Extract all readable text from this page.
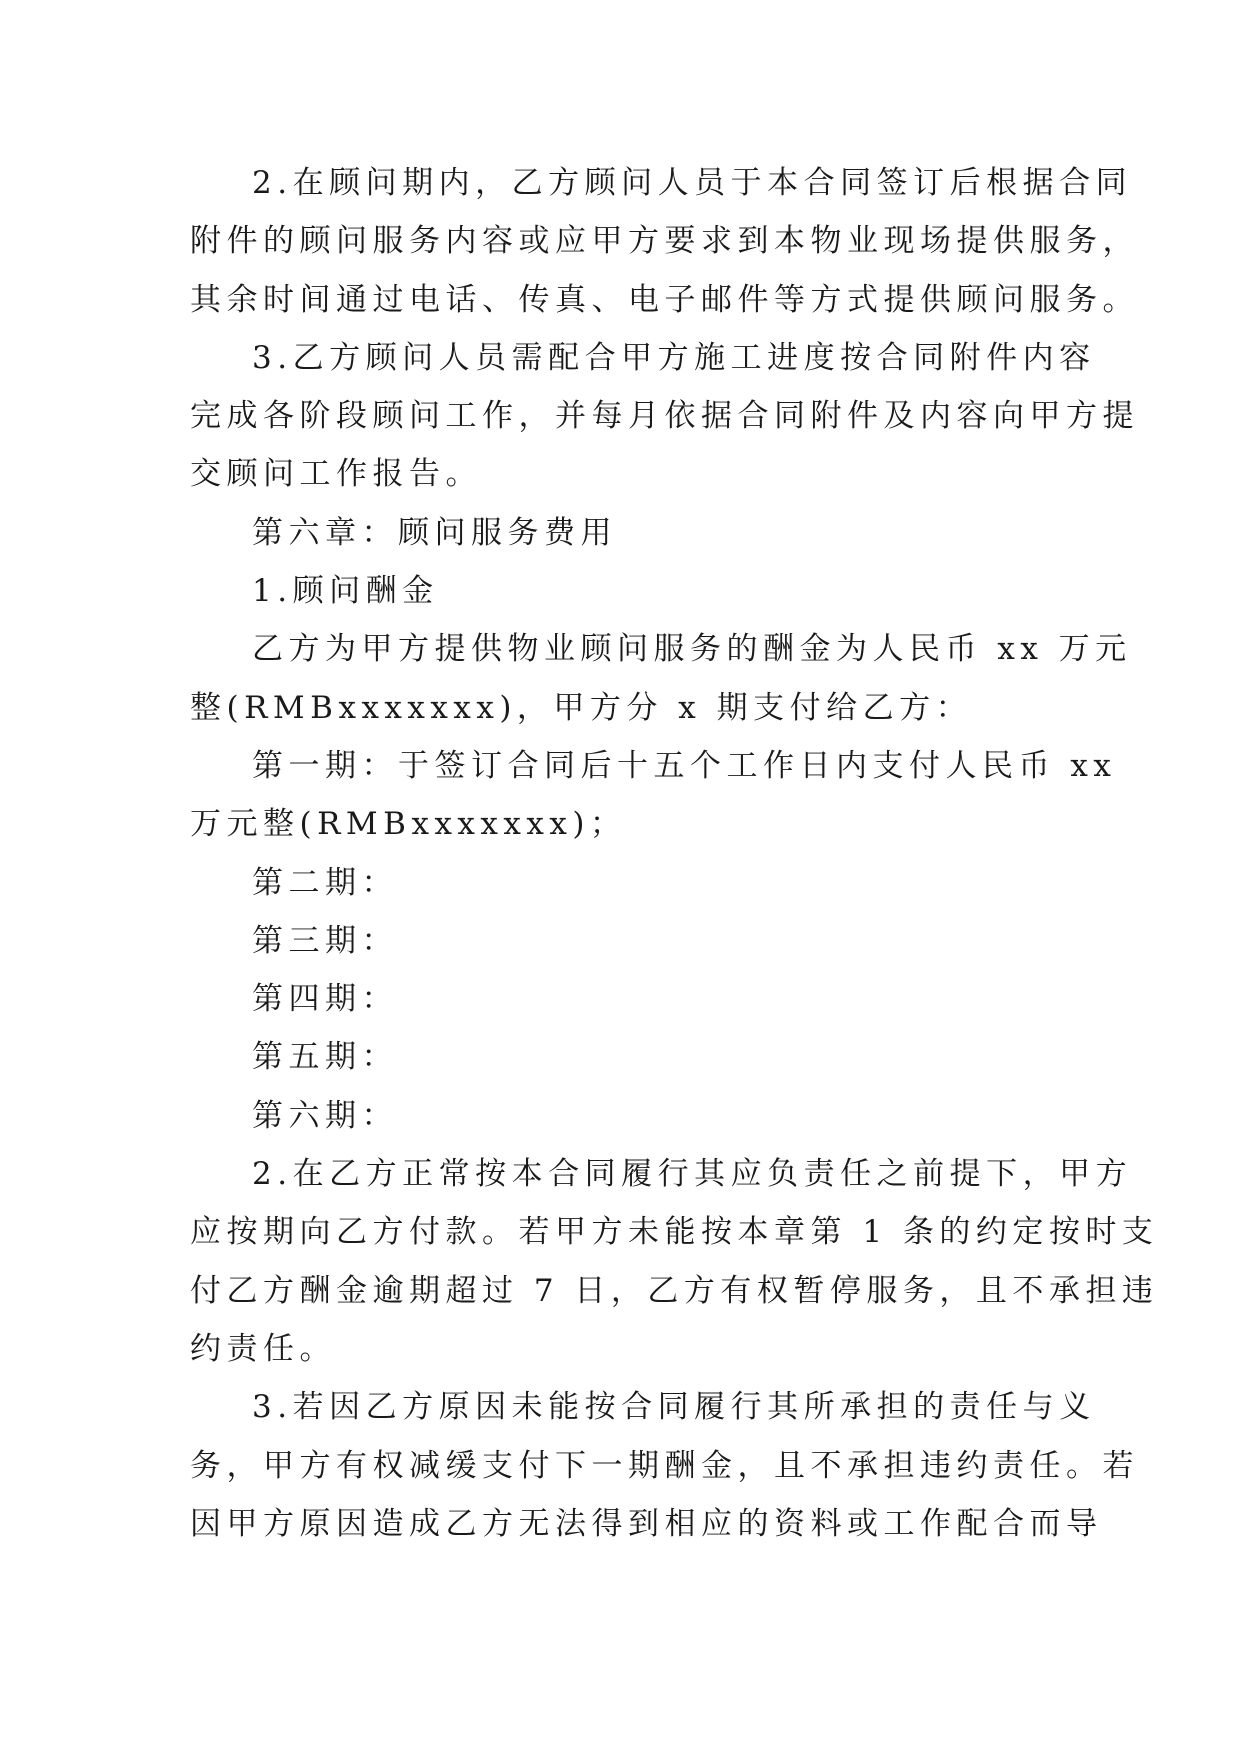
2.在顾问期内，乙方顾问人员于本合同签订后根据合同
附件的顾问服务内容或应甲方要求到本物业现场提供服务，
其余时间通过电话、传真、电子邮件等方式提供顾问服务。
3.乙方顾问人员需配合甲方施工进度按合同附件内容
完成各阶段顾问工作，并每月依据合同附件及内容向甲方提
交顾问工作报告。
第六章：顾问服务费用
1.顾问酬金
乙方为甲方提供物业顾问服务的酬金为人民币 xx 万元
整(RMBxxxxxxx)，甲方分 x 期支付给乙方：
第一期：于签订合同后十五个工作日内支付人民币 xx
万元整(RMBxxxxxxx)；
第二期：
第三期：
第四期：
第五期：
第六期：
2.在乙方正常按本合同履行其应负责任之前提下，甲方
应按期向乙方付款。若甲方未能按本章第 1 条的约定按时支
付乙方酬金逾期超过 7 日，乙方有权暂停服务，且不承担违
约责任。
3.若因乙方原因未能按合同履行其所承担的责任与义
务，甲方有权减缓支付下一期酬金，且不承担违约责任。若
因甲方原因造成乙方无法得到相应的资料或工作配合而导
